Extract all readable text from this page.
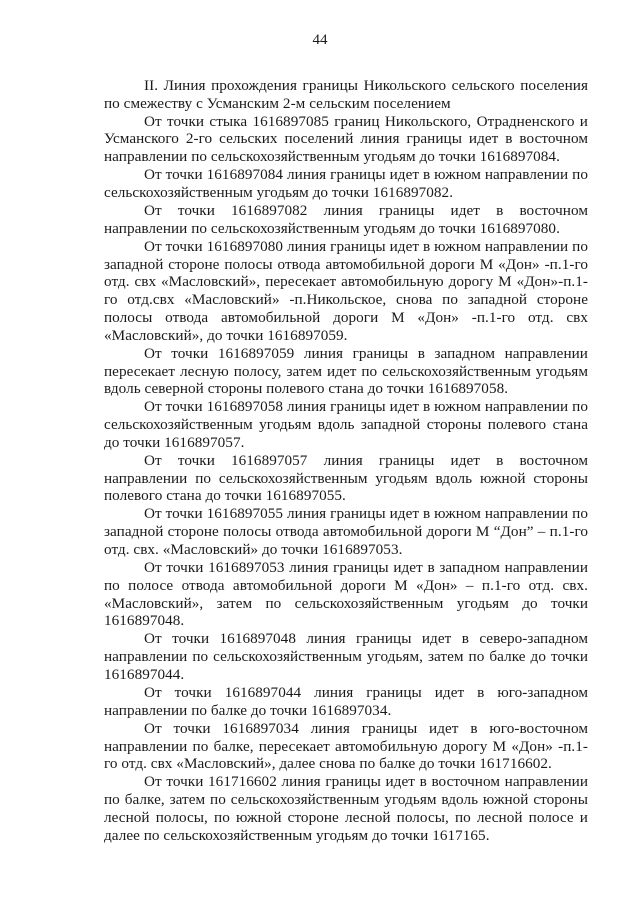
44

II. Линия прохождения границы Никольского сельского поселения по смежеству с Усманским 2-м сельским поселением

От точки стыка 1616897085 границ Никольского, Отрадненского и Усманского 2-го сельских поселений линия границы идет в восточном направлении по сельскохозяйственным угодьям до точки 1616897084.

От точки 1616897084 линия границы идет в южном направлении по сельскохозяйственным угодьям до точки 1616897082.

От точки 1616897082 линия границы идет в восточном направлении по сельскохозяйственным угодьям до точки 1616897080.

От точки 1616897080 линия границы идет в южном направлении по западной стороне полосы отвода автомобильной дороги М «Дон» -п.1-го отд. свх «Масловский», пересекает автомобильную дорогу М «Дон»-п.1-го отд.свх «Масловский» -п.Никольское, снова по западной стороне полосы отвода автомобильной дороги М «Дон» -п.1-го отд. свх «Масловский», до точки 1616897059.

От точки 1616897059 линия границы в западном направлении пересекает лесную полосу, затем идет по сельскохозяйственным угодьям вдоль северной стороны полевого стана до точки 1616897058.

От точки 1616897058 линия границы идет в южном направлении по сельскохозяйственным угодьям вдоль западной стороны полевого стана до точки 1616897057.

От точки 1616897057 линия границы идет в восточном направлении по сельскохозяйственным угодьям вдоль южной стороны полевого стана до точки 1616897055.

От точки 1616897055 линия границы идет в южном направлении по западной стороне полосы отвода автомобильной дороги М “Дон” – п.1-го отд. свх. «Масловский» до точки 1616897053.

От точки 1616897053 линия границы идет в западном направлении по полосе отвода автомобильной дороги М «Дон» – п.1-го отд. свх. «Масловский», затем по сельскохозяйственным угодьям до точки 1616897048.

От точки 1616897048 линия границы идет в северо-западном направлении по сельскохозяйственным угодьям, затем по балке до точки 1616897044.

От точки 1616897044 линия границы идет в юго-западном направлении по балке до точки 1616897034.

От точки 1616897034 линия границы идет в юго-восточном направлении по балке, пересекает автомобильную дорогу М «Дон» -п.1-го отд. свх «Масловский», далее снова по балке до точки 161716602.

От точки 161716602 линия границы идет в восточном направлении по балке, затем по сельскохозяйственным угодьям вдоль южной стороны лесной полосы, по южной стороне лесной полосы, по лесной полосе и далее по сельскохозяйственным угодьям до точки 1617165.
